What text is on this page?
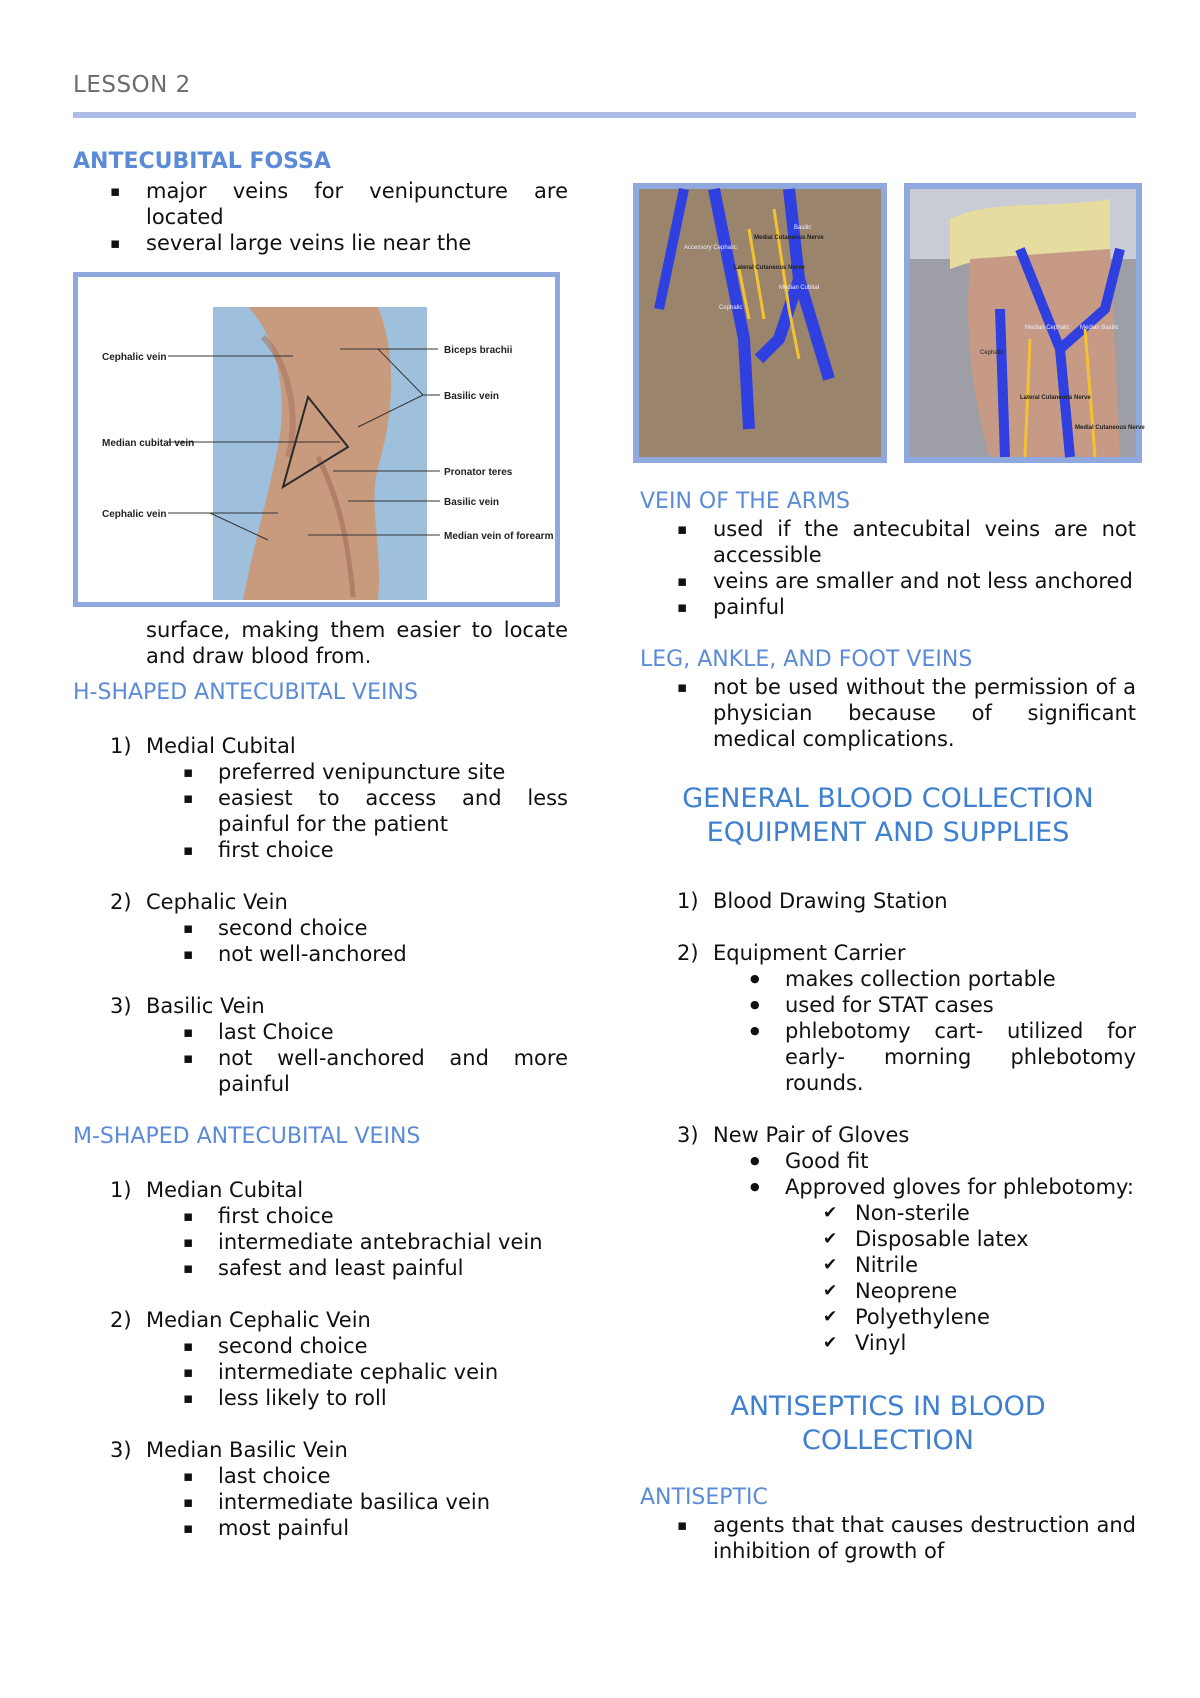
LESSON 2
ANTECUBITAL FOSSA
▪ major veins for venipuncture are located
▪ several large veins lie near the
Cephalic vein
Median cubital vein
Cephalic vein
Biceps brachii
Basilic vein
Pronator teres
Basilic vein
Median vein of forearm
surface, making them easier to locate and draw blood from.
H-SHAPED ANTECUBITAL VEINS
1) Medial Cubital
▪ preferred venipuncture site
▪ easiest to access and less painful for the patient
▪ first choice
2) Cephalic Vein
▪ second choice
▪ not well-anchored
3) Basilic Vein
▪ last Choice
▪ not well-anchored and more painful
M-SHAPED ANTECUBITAL VEINS
1) Median Cubital
▪ first choice
▪ intermediate antebrachial vein
▪ safest and least painful
2) Median Cephalic Vein
▪ second choice
▪ intermediate cephalic vein
▪ less likely to roll
3) Median Basilic Vein
▪ last choice
▪ intermediate basilica vein
▪ most painful
Accessory Cephalic
Medial Cutaneous Nerve
Basilic
Lateral Cutaneous Nerve
Median Cubital
Cephalic
Median Cephalic Median Basilic
Cephalic
Lateral Cutaneous Nerve
Medial Cutaneous Nerve
VEIN OF THE ARMS
▪ used if the antecubital veins are not accessible
▪ veins are smaller and not less anchored
▪ painful
LEG, ANKLE, AND FOOT VEINS
▪ not be used without the permission of a physician because of significant medical complications.
GENERAL BLOOD COLLECTION EQUIPMENT AND SUPPLIES
1) Blood Drawing Station
2) Equipment Carrier
● makes collection portable
● used for STAT cases
● phlebotomy cart- utilized for early- morning phlebotomy rounds.
3) New Pair of Gloves
● Good fit
● Approved gloves for phlebotomy:
✔ Non-sterile
✔ Disposable latex
✔ Nitrile
✔ Neoprene
✔ Polyethylene
✔ Vinyl
ANTISEPTICS IN BLOOD COLLECTION
ANTISEPTIC
▪ agents that that causes destruction and inhibition of growth of
